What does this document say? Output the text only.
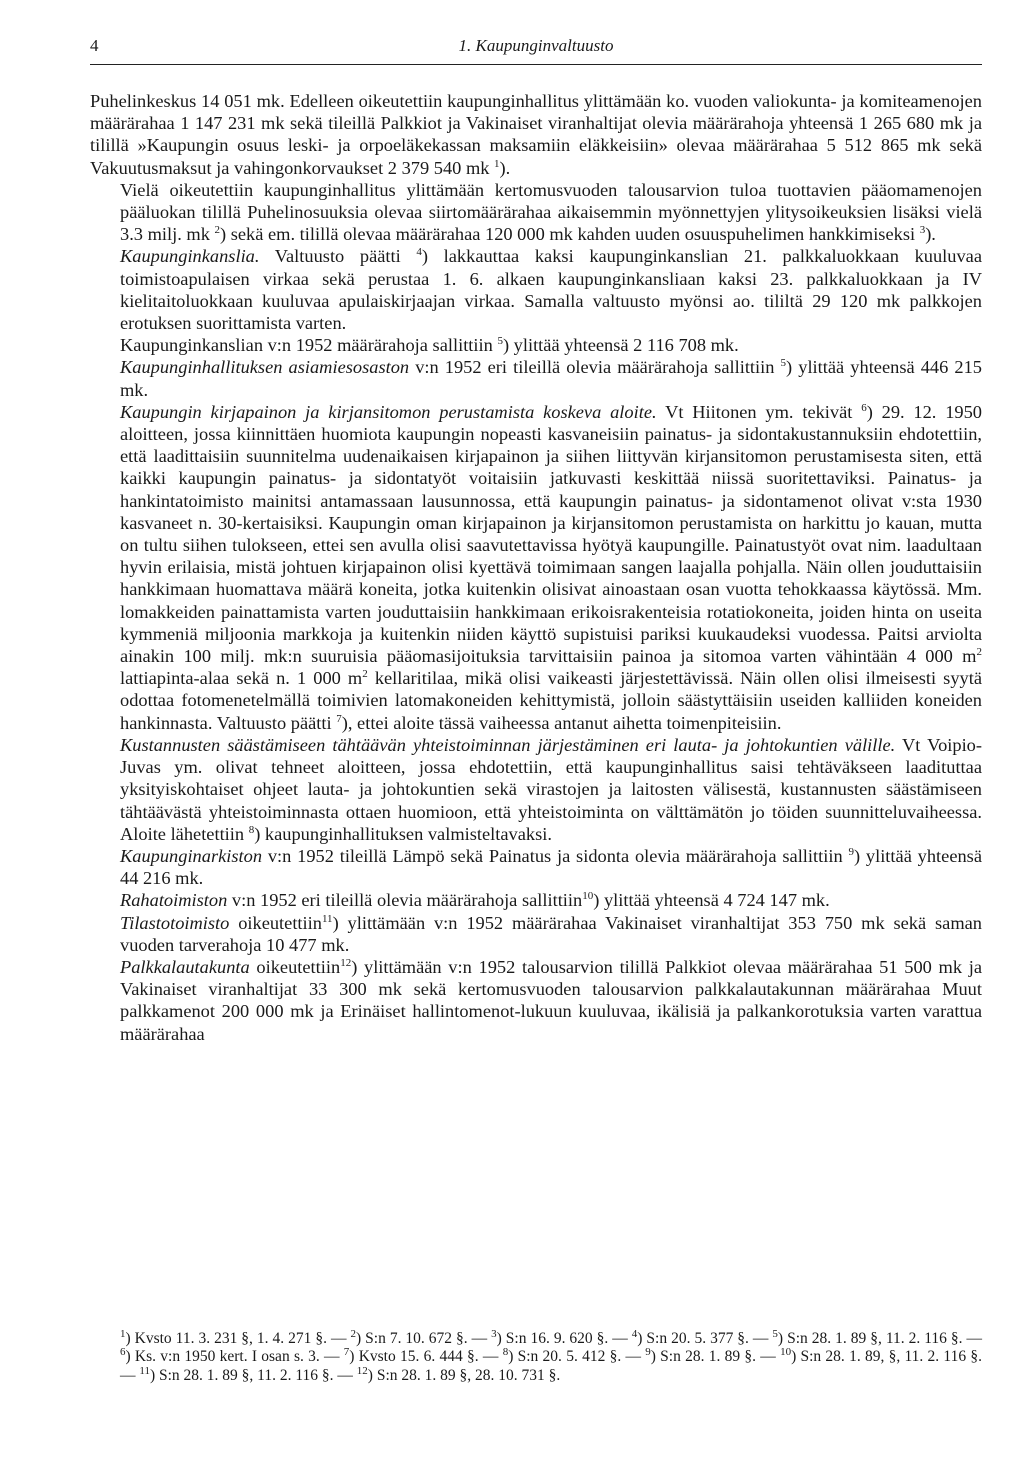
4	1. Kaupunginvaltuusto

Puhelinkeskus 14 051 mk. Edelleen oikeutettiin kaupunginhallitus ylittämään ko. vuoden valiokunta- ja komiteamenojen määrärahaa 1 147 231 mk sekä tileillä Palkkiot ja Vakinaiset viranhaltijat olevia määrärahoja yhteensä 1 265 680 mk ja tilillä »Kaupungin osuus leski- ja orpoeläkekassan maksamiin eläkkeisiin» olevaa määrärahaa 5 512 865 mk sekä Vakuutusmaksut ja vahingonkorvaukset 2 379 540 mk $^1$).

Vielä oikeutettiin kaupunginhallitus ylittämään kertomusvuoden talousarvion tuloa tuottavien pääomamenojen pääluokan tilillä Puhelinosuuksia olevaa siirtomäärärahaa aikaisemmin myönnettyjen ylitysoikeuksien lisäksi vielä 3.3 milj. mk $^2$) sekä em. tilillä olevaa määrärahaa 120 000 mk kahden uuden osuuspuhelimen hankkimiseksi $^3$).

Kaupunginkanslia. Valtuusto päätti $^4$) lakkauttaa kaksi kaupunginkanslian 21. palkkaluokkaan kuuluvaa toimistoapulaisen virkaa sekä perustaa 1. 6. alkaen kaupunginkansliaan kaksi 23. palkkaluokkaan ja IV kielitaitoluokkaan kuuluvaa apulaiskirjaajan virkaa. Samalla valtuusto myönsi ao. tililtä 29 120 mk palkkojen erotuksen suorittamista varten.

Kaupunginkanslian v:n 1952 määrärahoja sallittiin $^5$) ylittää yhteensä 2 116 708 mk.

Kaupunginhallituksen asiamiesosaston v:n 1952 eri tileillä olevia määrärahoja sallittiin $^5$) ylittää yhteensä 446 215 mk.

Kaupungin kirjapainon ja kirjansitomon perustamista koskeva aloite. Vt Hiitonen ym. tekivät $^6$) 29. 12. 1950 aloitteen, jossa kiinnittäen huomiota kaupungin nopeasti kasvaneisiin painatus- ja sidontakustannuksiin ehdotettiin, että laadittaisiin suunnitelma uudenaikaisen kirjapainon ja siihen liittyvän kirjansitomon perustamisesta siten, että kaikki kaupungin painatus- ja sidontatyöt voitaisiin jatkuvasti keskittää niissä suoritettaviksi. Painatus- ja hankintatoimisto mainitsi antamassaan lausunnossa, että kaupungin painatus- ja sidontamenot olivat v:sta 1930 kasvaneet n. 30-kertaisiksi. Kaupungin oman kirjapainon ja kirjansitomon perustamista on harkittu jo kauan, mutta on tultu siihen tulokseen, ettei sen avulla olisi saavutettavissa hyötyä kaupungille. Painatustyöt ovat nim. laadultaan hyvin erilaisia, mistä johtuen kirjapainon olisi kyettävä toimimaan sangen laajalla pohjalla. Näin ollen jouduttaisiin hankkimaan huomattava määrä koneita, jotka kuitenkin olisivat ainoastaan osan vuotta tehokkaassa käytössä. Mm. lomakkeiden painattamista varten jouduttaisiin hankkimaan erikoisrakenteisia rotatiokoneita, joiden hinta on useita kymmeniä miljoonia markkoja ja kuitenkin niiden käyttö supistuisi pariksi kuukaudeksi vuodessa. Paitsi arviolta ainakin 100 milj. mk:n suuruisia pääomasijoituksia tarvittaisiin painoa ja sitomoa varten vähintään 4 000 $m^2$ lattiapinta-alaa sekä n. 1 000 $m^2$ kellaritilaa, mikä olisi vaikeasti järjestettävissä. Näin ollen olisi ilmeisesti syytä odottaa fotomenetelmällä toimivien latomakoneiden kehittymistä, jolloin säästyttäisiin useiden kalliiden koneiden hankinnasta. Valtuusto päätti $^7$), ettei aloite tässä vaiheessa antanut aihetta toimenpiteisiin.

Kustannusten säästämiseen tähtäävän yhteistoiminnan järjestäminen eri lauta- ja johtokuntien välille. Vt Voipio-Juvas ym. olivat tehneet aloitteen, jossa ehdotettiin, että kaupunginhallitus saisi tehtäväkseen laadituttaa yksityiskohtaiset ohjeet lauta- ja johtokuntien sekä virastojen ja laitosten välisestä, kustannusten säästämiseen tähtäävästä yhteistoiminnasta ottaen huomioon, että yhteistoiminta on välttämätön jo töiden suunnitteluvaiheessa. Aloite lähetettiin $^8$) kaupunginhallituksen valmisteltavaksi.

Kaupunginarkiston v:n 1952 tileillä Lämpö sekä Painatus ja sidonta olevia määrärahoja sallittiin $^9$) ylittää yhteensä 44 216 mk.

Rahatoimiston v:n 1952 eri tileillä olevia määrärahoja sallittiin$^{10}$) ylittää yhteensä 4 724 147 mk.

Tilastotoimisto oikeutettiin$^{11}$) ylittämään v:n 1952 määrärahaa Vakinaiset viranhaltijat 353 750 mk sekä saman vuoden tarverahoja 10 477 mk.

Palkkalautakunta oikeutettiin$^{12}$) ylittämään v:n 1952 talousarvion tilillä Palkkiot olevaa määrärahaa 51 500 mk ja Vakinaiset viranhaltijat 33 300 mk sekä kertomusvuoden talousarvion palkkalautakunnan määrärahaa Muut palkkamenot 200 000 mk ja Erinäiset hallintomenot-lukuun kuuluvaa, ikälisiä ja palkankorotuksia varten varattua määrärahaa

$^1$) Kvsto 11. 3. 231 §, 1. 4. 271 §. — $^2$) S:n 7. 10. 672 §. — $^3$) S:n 16. 9. 620 §. — $^4$) S:n 20. 5. 377 §. — $^5$) S:n 28. 1. 89 §, 11. 2. 116 §. — $^6$) Ks. v:n 1950 kert. I osan s. 3. — $^7$) Kvsto 15. 6. 444 §. — $^8$) S:n 20. 5. 412 §. — $^9$) S:n 28. 1. 89 §. — $^{10}$) S:n 28. 1. 89, §, 11. 2. 116 §. — $^{11}$) S:n 28. 1. 89 §, 11. 2. 116 §. — $^{12}$) S:n 28. 1. 89 §, 28. 10. 731 §.
